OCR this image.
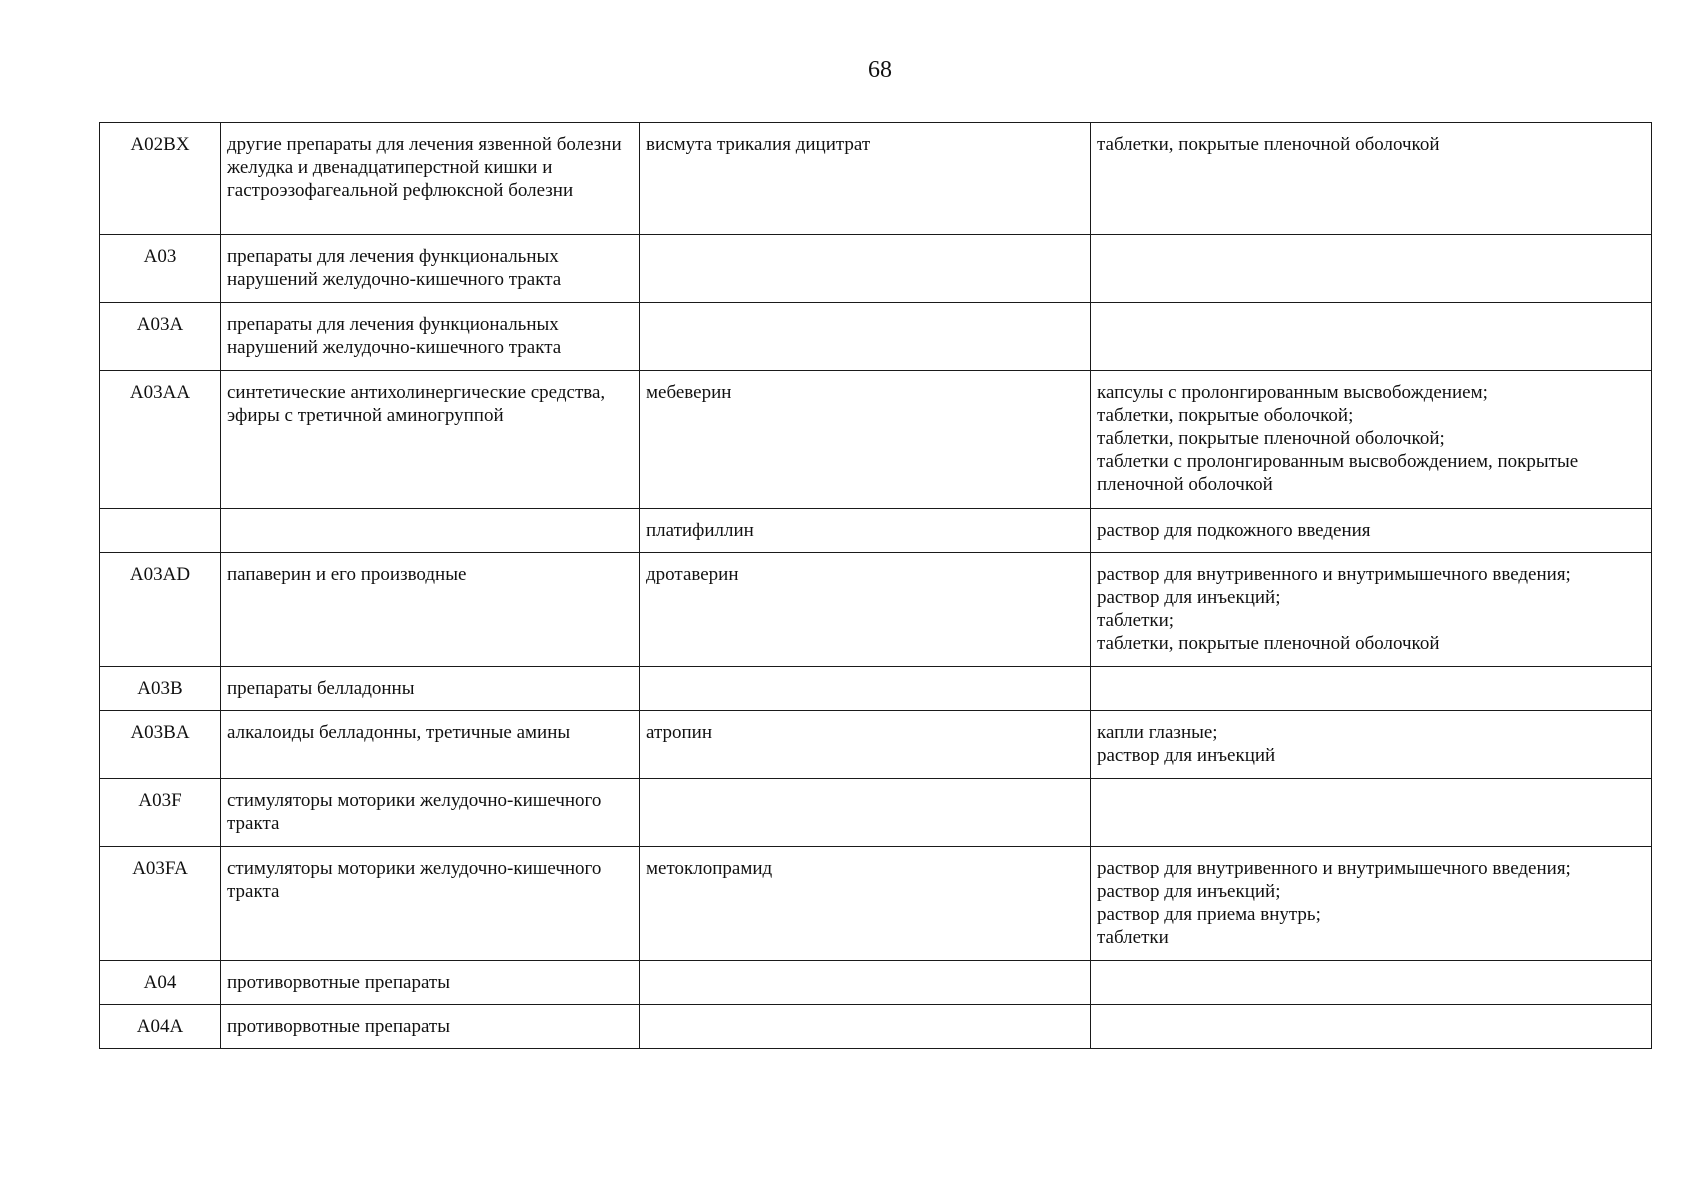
68
A02BX	другие препараты для лечения язвенной болезни желудка и двенадцатиперстной кишки и гастроэзофагеальной рефлюксной болезни	висмута трикалия дицитрат	таблетки, покрытые пленочной оболочкой

A03	препараты для лечения функциональных нарушений желудочно-кишечного тракта		
A03A	препараты для лечения функциональных нарушений желудочно-кишечного тракта		
A03AA	синтетические антихолинергические средства, эфиры с третичной аминогруппой	мебеверин	капсулы с пролонгированным высвобождением;
таблетки, покрытые оболочкой;
таблетки, покрытые пленочной оболочкой;
таблетки с пролонгированным высвобождением, покрытые пленочной оболочкой

		платифиллин	раствор для подкожного введения

A03AD	папаверин и его производные	дротаверин	раствор для внутривенного и внутримышечного введения;
раствор для инъекций;
таблетки;
таблетки, покрытые пленочной оболочкой

A03B	препараты белладонны		
A03BA	алкалоиды белладонны, третичные амины	атропин	капли глазные;
раствор для инъекций

A03F	стимуляторы моторики желудочно-кишечного тракта		
A03FA	стимуляторы моторики желудочно-кишечного тракта	метоклопрамид	раствор для внутривенного и внутримышечного введения;
раствор для инъекций;
раствор для приема внутрь;
таблетки

A04	противорвотные препараты		
A04A	противорвотные препараты		
